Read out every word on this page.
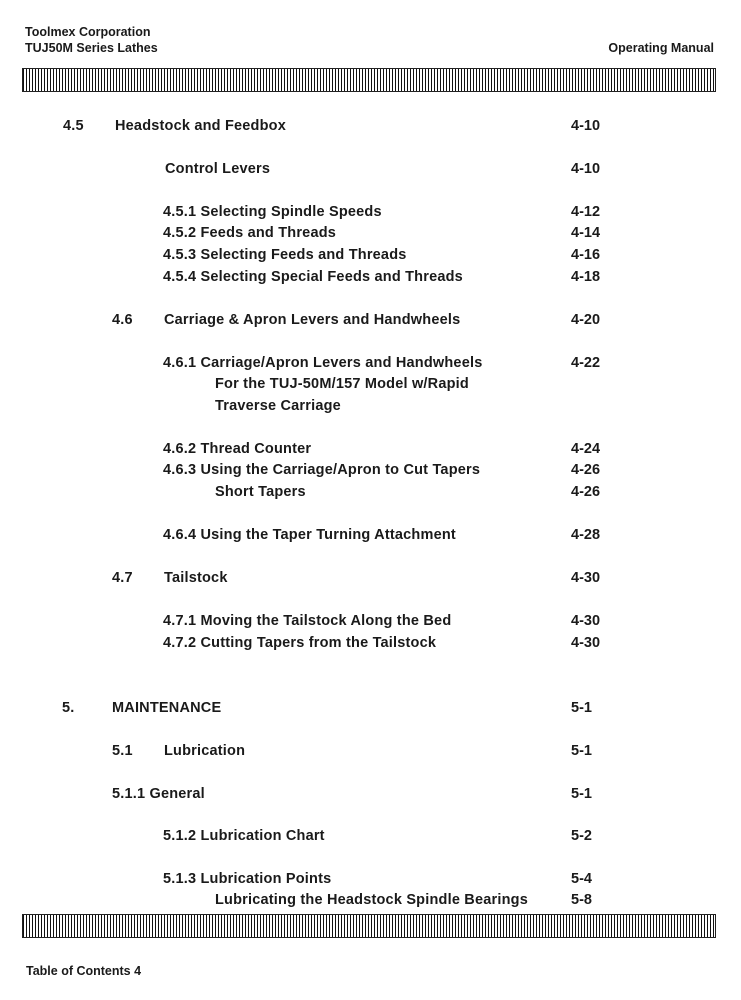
Toolmex Corporation
TUJ50M Series Lathes	Operating Manual
4.5 Headstock and Feedbox	4-10
Control Levers	4-10
4.5.1 Selecting Spindle Speeds	4-12
4.5.2 Feeds and Threads	4-14
4.5.3 Selecting Feeds and Threads	4-16
4.5.4 Selecting Special Feeds and Threads	4-18
4.6 Carriage & Apron Levers and Handwheels	4-20
4.6.1 Carriage/Apron Levers and Handwheels	4-22
For the TUJ-50M/157 Model w/Rapid
Traverse Carriage
4.6.2 Thread Counter	4-24
4.6.3 Using the Carriage/Apron to Cut Tapers	4-26
Short Tapers	4-26
4.6.4 Using the Taper Turning Attachment	4-28
4.7 Tailstock	4-30
4.7.1 Moving the Tailstock Along the Bed	4-30
4.7.2 Cutting Tapers from the Tailstock	4-30
5.	MAINTENANCE	5-1
5.1 Lubrication	5-1
5.1.1 General	5-1
5.1.2 Lubrication Chart	5-2
5.1.3 Lubrication Points	5-4
Lubricating the Headstock Spindle Bearings	5-8
Table of Contents 4
